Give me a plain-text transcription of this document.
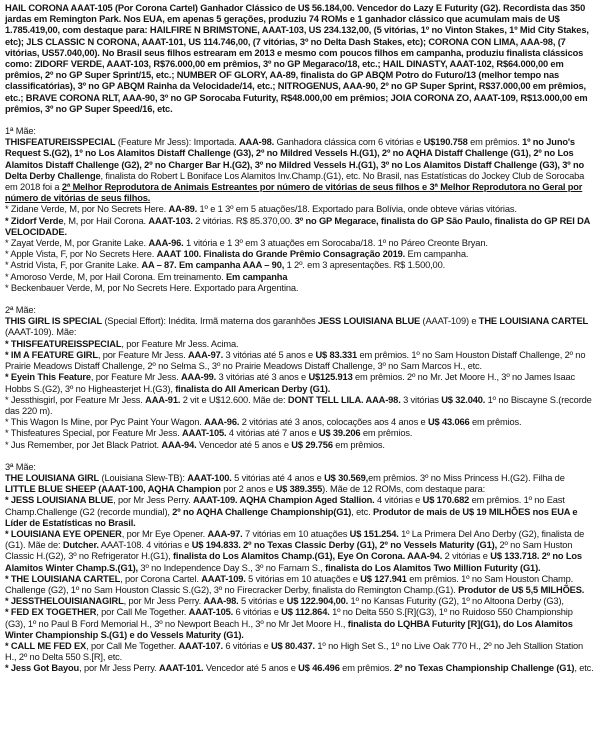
HAIL CORONA AAAT-105 (Por Corona Cartel) Ganhador Clássico de U$ 56.184,00. Vencedor do Lazy E Futurity (G2). Recordista das 350 jardas em Remington Park. Nos EUA, em apenas 5 gerações, produziu 74 ROMs e 1 ganhador clássico que acumulam mais de U$ 1.785.419,00, com destaque para: HAILFIRE N BRIMSTONE, AAAT-103, US 234.132,00, (5 vitórias, 1º no Vinton Stakes, 1º Mid City Stakes, etc); JLS CLASSIC N CORONA, AAAT-101, US 114.746,00, (7 vitórias, 3º no Delta Dash Stakes, etc); CORONA CON LIMA, AAA-98, (7 vitórias, US57.040,00). No Brasil seus filhos estrearam em 2013 e mesmo com poucos filhos em campanha, produziu finalista clássicos como: ZIDORF VERDE, AAAT-103, R$76.000,00 em prêmios, 3º no GP Megaraco/18, etc.; HAIL DINASTY, AAAT-102, R$64.000,00 em prêmios, 2º no GP Super Sprint/15, etc.; NUMBER OF GLORY, AA-89, finalista do GP ABQM Potro do Futuro/13 (melhor tempo nas classificatórias), 3º no GP ABQM Rainha da Velocidade/14, etc.; NITROGENUS, AAA-90, 2º no GP Super Sprint, R$37.000,00 em prêmios, etc.; BRAVE CORONA RLT, AAA-90, 3º no GP Sorocaba Futurity, R$48.000,00 em prêmios; JOIA CORONA ZO, AAAT-109, R$13.000,00 em prêmios, 3º no GP Super Speed/16, etc.

1ª Mãe:

THISFEATUREISSPECIAL (Feature Mr Jess): Importada. AAA-98. Ganhadora clássica com 6 vitórias e U$190.758 em prêmios. 1º no Juno's Request S.(G2), 1º no Los Alamitos Distaff Challenge (G3), 2º no Mildred Vessels H.(G1), 2º no AQHA Distaff Challenge (G1), 2º no Los Alamitos Distaff Challenge (G2), 2º no Charger Bar H.(G2), 3º no Mildred Vessels H.(G1), 3º no Los Alamitos Distaff Challenge (G3), 3º no Delta Derby Challenge, finalista do Robert L Boniface Los Alamitos Inv.Champ.(G1), etc. No Brasil, nas Estatísticas do Jockey Club de Sorocaba em 2018 foi a 2ª Melhor Reprodutora de Animais Estreantes por número de vitórias de seus filhos e 3ª Melhor Reprodutora no Geral por número de vitórias de seus filhos.

* Zidane Verde, M, por No Secrets Here. AA-89. 1º e 1 3º em 5 atuações/18. Exportado para Bolívia, onde obteve várias vitórias.

* Zidorf Verde, M, por Hail Corona. AAAT-103. 2 vitórias. R$ 85.370,00. 3º no GP Megarace, finalista do GP São Paulo, finalista do GP REI DA VELOCIDADE.

* Zayat Verde, M, por Granite Lake. AAA-96. 1 vitória e 1 3º em 3 atuações em Sorocaba/18. 1º no Páreo Creonte Bryan.

* Apple Vista, F, por No Secrets Here. AAAT 100. Finalista do Grande Prêmio Consagração 2019. Em campanha.

* Astrid Vista, F, por Granite Lake. AA – 87. Em campanha AAA – 90, 1 2º. em 3 apresentações. R$ 1.500,00.

* Amoroso Verde, M, por Hail Corona. Em treinamento. Em campanha

* Beckenbauer Verde, M, por No Secrets Here. Exportado para Argentina.

2ª Mãe:

THIS GIRL IS SPECIAL (Special Effort): Inédita. Irmã materna dos garanhões JESS LOUISIANA BLUE (AAAT-109) e THE LOUISIANA CARTEL (AAAT-109). Mãe:

* THISFEATUREISSPECIAL, por Feature Mr Jess. Acima.

* IM A FEATURE GIRL, por Feature Mr Jess. AAA-97. 3 vitórias até 5 anos e U$ 83.331 em prêmios. 1º no Sam Houston Distaff Challenge, 2º no Prairie Meadows Distaff Challenge, 2º no Selma S., 3º no Prairie Meadows Distaff Challenge, 3º no Sam Marcos H., etc.

* Eyein This Feature, por Feature Mr Jess. AAA-99. 3 vitórias até 3 anos e U$125.913 em prêmios. 2º no Mr. Jet Moore H., 3º no James Isaac Hobbs S.(G2), 3º no Higheasterjet H.(G3), finalista do All American Derby (G1).

* Jessthisgirl, por Feature Mr Jess. AAA-91. 2 vit e U$12.600. Mãe de: DONT TELL LILA. AAA-98. 3 vitórias U$ 32.040. 1º no Biscayne S.(recorde das 220 m).

* This Wagon Is Mine, por Pyc Paint Your Wagon. AAA-96. 2 vitórias até 3 anos, colocações aos 4 anos e U$ 43.066 em prêmios.

* Thisfeatures Special, por Feature Mr Jess. AAAT-105. 4 vitórias até 7 anos e U$ 39.206 em prêmios.

* Jus Remember, por Jet Black Patriot. AAA-94. Vencedor até 5 anos e U$ 29.756 em prêmios.

3ª Mãe:

THE LOUISIANA GIRL (Louisiana Slew-TB): AAAT-100. 5 vitórias até 4 anos e U$ 30.569,em prêmios. 3º no Miss Princess H.(G2). Filha de LITTLE BLUE SHEEP (AAAT-100, AQHA Champion por 2 anos e U$ 389.355). Mãe de 12 ROMs, com destaque para:

* JESS LOUISIANA BLUE, por Mr Jess Perry. AAAT-109. AQHA Champion Aged Stallion. 4 vitórias e U$ 170.682 em prêmios. 1º no East Champ.Challenge (G2 (recorde mundial), 2º no AQHA Challenge Championship(G1), etc. Produtor de mais de U$ 19 MILHÕES nos EUA e Líder de Estatísticas no Brasil.

* LOUISIANA EYE OPENER, por Mr Eye Opener. AAA-97. 7 vitórias em 10 atuações U$ 151.254. 1º La Primera Del Ano Derby (G2), finalista de (G1). Mãe de: Dutcher. AAAT-108. 4 vitórias e U$ 194.833. 2º no Texas Classic Derby (G1), 2º no Vessels Maturity (G1), 2º no Sam Huston Classic H.(G2), 3º no Refrigerator H.(G1), finalista do Los Alamitos Champ.(G1), Eye On Corona. AAA-94. 2 vitórias e U$ 133.718. 2º no Los Alamitos Winter Champ.S.(G1), 3º no Independence Day S., 3º no Farnam S., finalista do Los Alamitos Two Million Futurity (G1).

* THE LOUISIANA CARTEL, por Corona Cartel. AAAT-109. 5 vitórias em 10 atuações e U$ 127.941 em prêmios. 1º no Sam Houston Champ. Challenge (G2), 1º no Sam Houston Classic S.(G2), 3º no Firecracker Derby, finalista do Remington Champ.(G1). Produtor de U$ 5,5 MILHÕES.

* JESSTHELOUISIANAGIRL, por Mr Jess Perry. AAA-98. 5 vitórias e U$ 122.904,00. 1º no Kansas Futurity (G2), 1º no Altoona Derby (G3),

* FED EX TOGETHER, por Call Me Together. AAAT-105. 6 vitórias e U$ 112.864. 1º no Delta 550 S.[R](G3), 1º no Ruidoso 550 Championship (G3), 1º no Paul B Ford Memorial H., 3º no Newport Beach H., 3º no Mr Jet Moore H., finalista do LQHBA Futurity [R](G1), do Los Alamitos Winter Championship S.(G1) e do Vessels Maturity (G1).

* CALL ME FED EX, por Call Me Together. AAAT-107. 6 vitórias e U$ 80.437. 1º no High Set S., 1º no Live Oak 770 H., 2º no Jeh Stallion Station H., 2º no Delta 550 S.[R], etc.

* Jess Got Bayou, por Mr Jess Perry. AAAT-101. Vencedor até 5 anos e U$ 46.496 em prêmios. 2º no Texas Championship Challenge (G1), etc.
